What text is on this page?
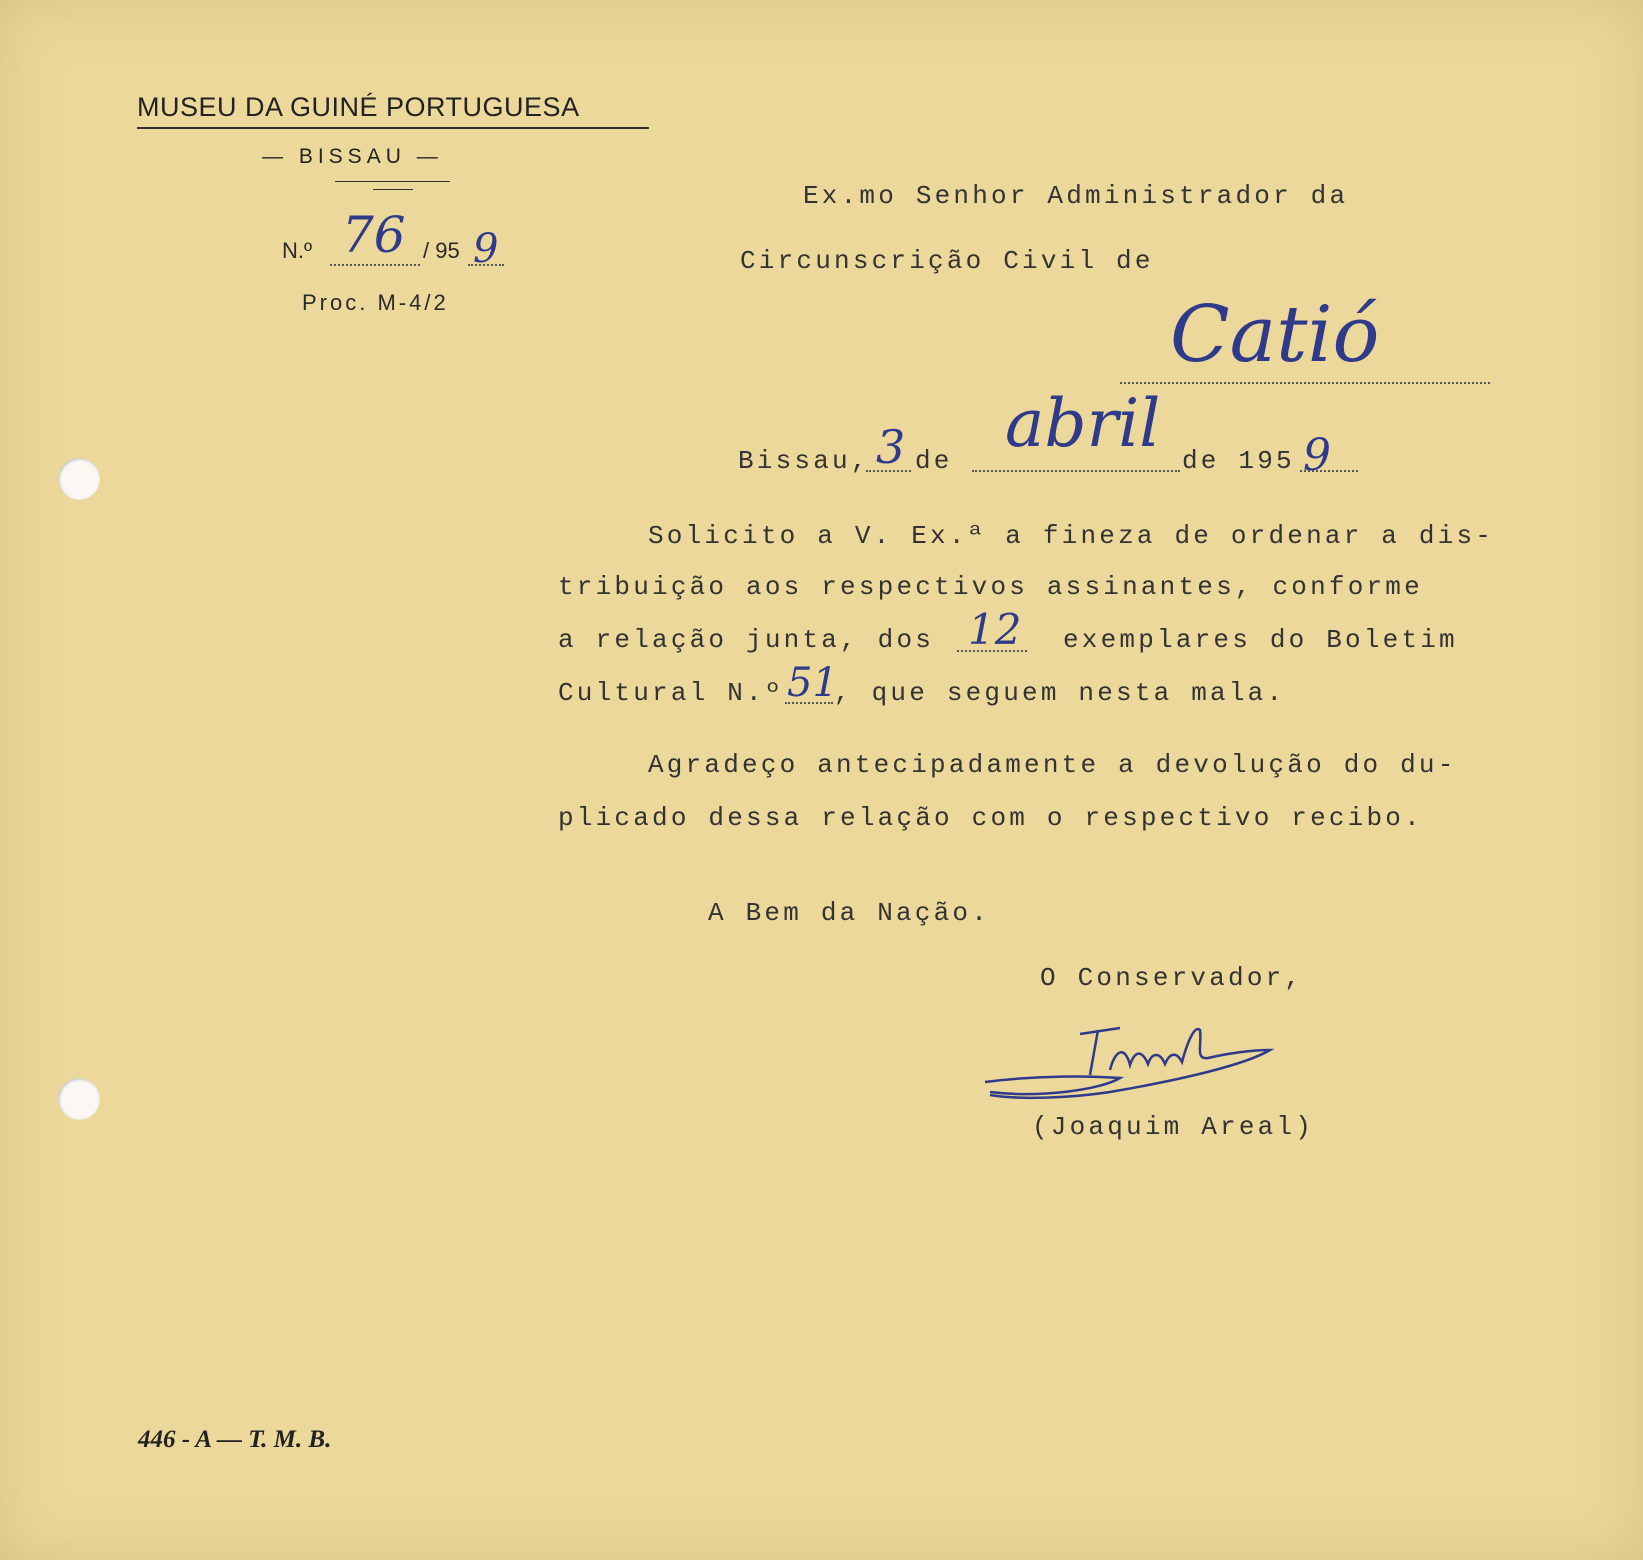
MUSEU DA GUINÉ PORTUGUESA
— BISSAU —
N.º 76 / 95 9
Proc. M-4/2
Ex.mo Senhor Administrador da
Circunscrição Civil de
Catió
Bissau, 3 de abril de 195 9
Solicito a V. Ex.ª a fineza de ordenar a dis-
tribuição aos respectivos assinantes, conforme
a relação junta, dos 12 exemplares do Boletim
Cultural N.º 51
, que seguem nesta mala.
Agradeço antecipadamente a devolução do du-
plicado dessa relação com o respectivo recibo.
A Bem da Nação.
O Conservador,
(Joaquim Areal)
446 - A — T. M. B.
